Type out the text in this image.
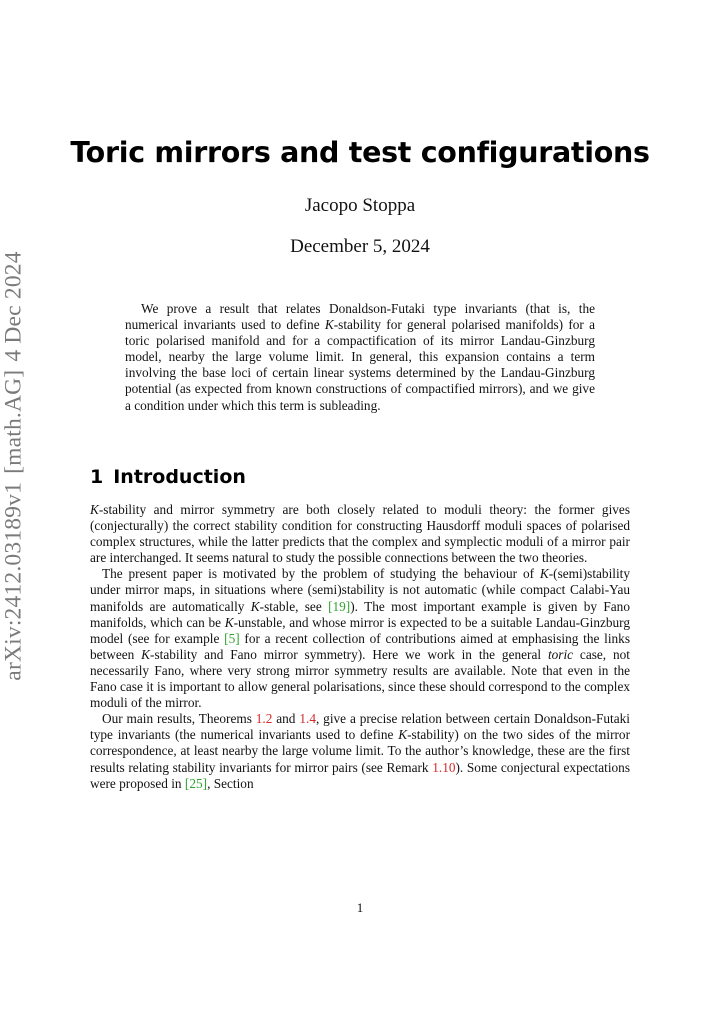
arXiv:2412.03189v1[math.AG]4 Dec 2024
Toric mirrors and test configurations
Jacopo Stoppa
December 5, 2024

We prove a result that relates Donaldson-Futaki type invariants (that is, the numerical invariants used to define K-stability for general polarised manifolds) for a toric polarised manifold and for a compactification of its mirror Landau-Ginzburg model, nearby the large volume limit. In general, this expansion contains a term involving the base loci of certain linear systems determined by the Landau-Ginzburg potential (as expected from known constructions of compactified mirrors), and we give a condition under which this term is subleading.

1 Introduction

K-stability and mirror symmetry are both closely related to moduli theory: the former gives (conjecturally) the correct stability condition for constructing Hausdorff moduli spaces of polarised complex structures, while the latter predicts that the complex and symplectic moduli of a mirror pair are interchanged. It seems natural to study the possible connections between the two theories.

The present paper is motivated by the problem of studying the behaviour of K-(semi)stability under mirror maps, in situations where (semi)stability is not automatic (while compact Calabi-Yau manifolds are automatically K-stable, see [19]). The most important example is given by Fano manifolds, which can be K-unstable, and whose mirror is expected to be a suitable Landau-Ginzburg model (see for example [5] for a recent collection of contributions aimed at emphasising the links between K-stability and Fano mirror symmetry). Here we work in the general toric case, not necessarily Fano, where very strong mirror symmetry results are available. Note that even in the Fano case it is important to allow general polarisations, since these should correspond to the complex moduli of the mirror.

Our main results, Theorems 1.2 and 1.4, give a precise relation between certain Donaldson-Futaki type invariants (the numerical invariants used to define K-stability) on the two sides of the mirror correspondence, at least nearby the large volume limit. To the author’s knowledge, these are the first results relating stability invariants for mirror pairs (see Remark 1.10). Some conjectural expectations were proposed in [25], Section

1
